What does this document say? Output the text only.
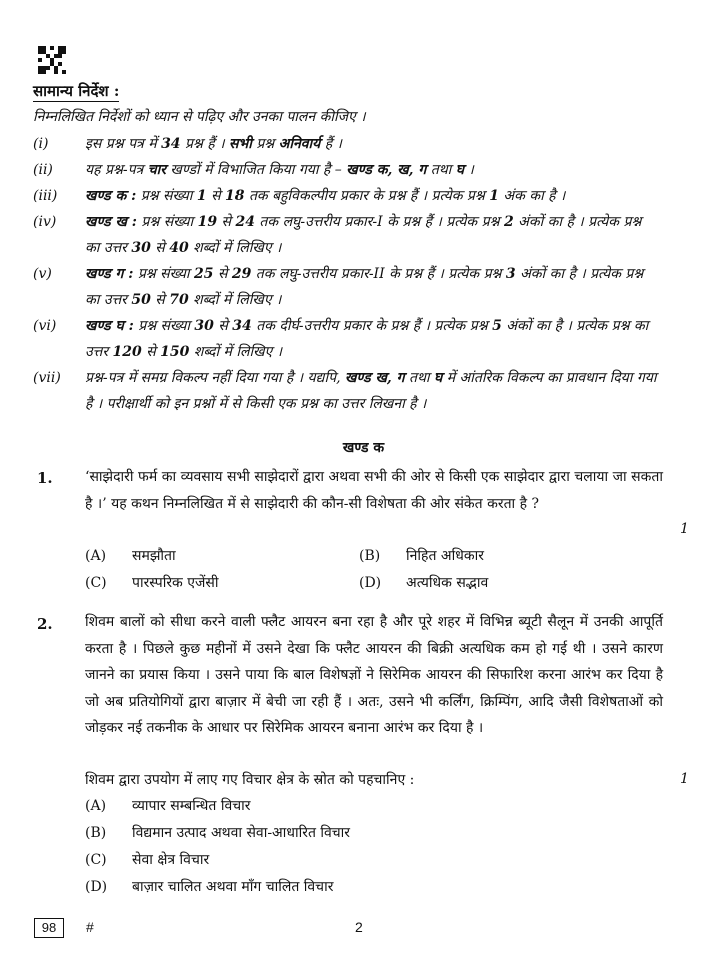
सामान्य निर्देश :
निम्नलिखित निर्देशों को ध्यान से पढ़िए और उनका पालन कीजिए ।
(i)	इस प्रश्न पत्र में 34 प्रश्न हैं । सभी प्रश्न अनिवार्य हैं ।
(ii) यह प्रश्न-पत्र चार खण्डों में विभाजित किया गया है – खण्ड क, ख, ग तथा घ ।
(iii) खण्ड क : प्रश्न संख्या 1 से 18 तक बहुविकल्पीय प्रकार के प्रश्न हैं । प्रत्येक प्रश्न 1 अंक का है ।
(iv) खण्ड ख : प्रश्न संख्या 19 से 24 तक लघु-उत्तरीय प्रकार-I के प्रश्न हैं । प्रत्येक प्रश्न 2 अंकों का है । प्रत्येक प्रश्न का उत्तर 30 से 40 शब्दों में लिखिए ।
(v) खण्ड ग : प्रश्न संख्या 25 से 29 तक लघु-उत्तरीय प्रकार-II के प्रश्न हैं । प्रत्येक प्रश्न 3 अंकों का है । प्रत्येक प्रश्न का उत्तर 50 से 70 शब्दों में लिखिए ।
(vi) खण्ड घ : प्रश्न संख्या 30 से 34 तक दीर्घ-उत्तरीय प्रकार के प्रश्न हैं । प्रत्येक प्रश्न 5 अंकों का है । प्रत्येक प्रश्न का उत्तर 120 से 150 शब्दों में लिखिए ।
(vii) प्रश्न-पत्र में समग्र विकल्प नहीं दिया गया है । यद्यपि, खण्ड ख, ग तथा घ में आंतरिक विकल्प का प्रावधान दिया गया है । परीक्षार्थी को इन प्रश्नों में से किसी एक प्रश्न का उत्तर लिखना है ।
खण्ड क
1. ‘साझेदारी फर्म का व्यवसाय सभी साझेदारों द्वारा अथवा सभी की ओर से किसी एक साझेदार द्वारा चलाया जा सकता है ।’ यह कथन निम्नलिखित में से साझेदारी की कौन-सी विशेषता की ओर संकेत करता है ?
1
(A) समझौता	(B) निहित अधिकार
(C) पारस्परिक एजेंसी	(D) अत्यधिक सद्भाव
2. शिवम बालों को सीधा करने वाली फ्लैट आयरन बना रहा है और पूरे शहर में विभिन्न ब्यूटी सैलून में उनकी आपूर्ति करता है । पिछले कुछ महीनों में उसने देखा कि फ्लैट आयरन की बिक्री अत्यधिक कम हो गई थी । उसने कारण जानने का प्रयास किया । उसने पाया कि बाल विशेषज्ञों ने सिरेमिक आयरन की सिफारिश करना आरंभ कर दिया है जो अब प्रतियोगियों द्वारा बाज़ार में बेची जा रही हैं । अतः, उसने भी कर्लिंग, क्रिम्पिंग, आदि जैसी विशेषताओं को जोड़कर नई तकनीक के आधार पर सिरेमिक आयरन बनाना आरंभ कर दिया है ।
शिवम द्वारा उपयोग में लाए गए विचार क्षेत्र के स्रोत को पहचानिए :	1
(A) व्यापार सम्बन्धित विचार
(B) विद्यमान उत्पाद अथवा सेवा-आधारित विचार
(C) सेवा क्षेत्र विचार
(D) बाज़ार चालित अथवा माँग चालित विचार
98	#	2
